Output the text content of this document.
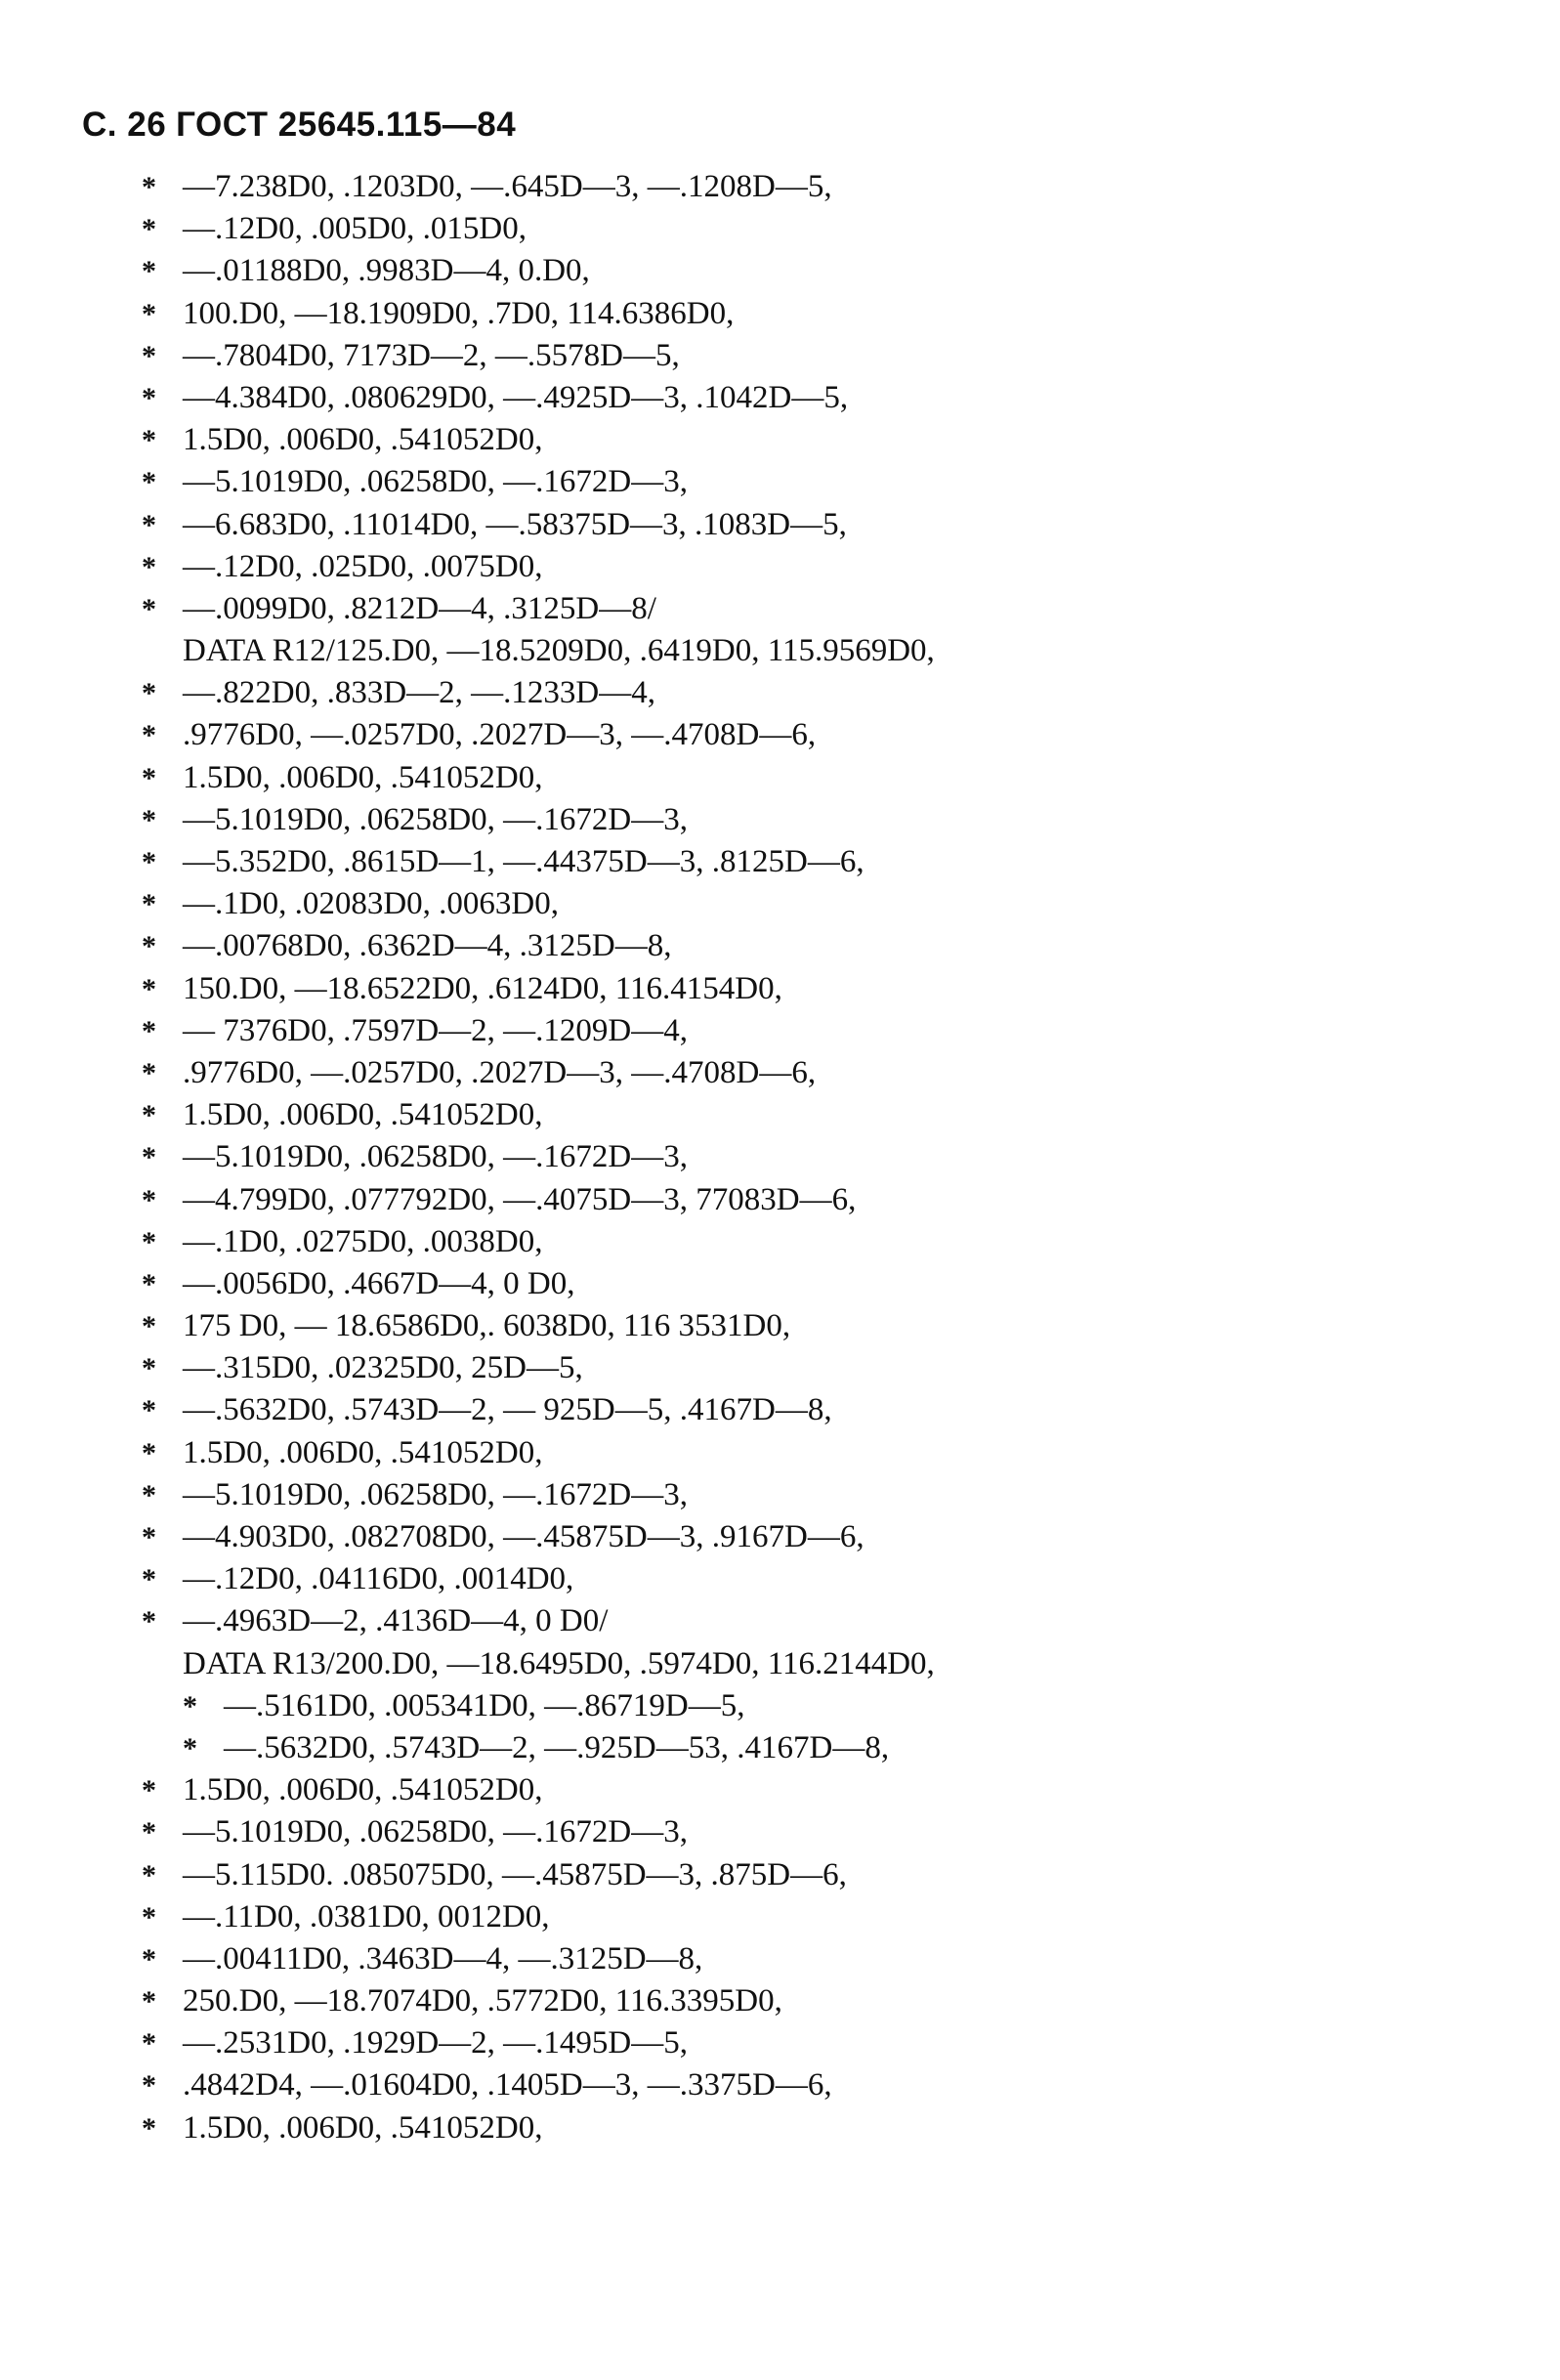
С. 26 ГОСТ 25645.115—84
* —7.238D0, .1203D0, —.645D—3, —.1208D—5,
* —.12D0, .005D0, .015D0,
* —.01188D0, .9983D—4, 0.D0,
* 100.D0, —18.1909D0, .7D0, 114.6386D0,
* —.7804D0, 7173D—2, —.5578D—5,
* —4.384D0, .080629D0, —.4925D—3, .1042D—5,
* 1.5D0, .006D0, .541052D0,
* —5.1019D0, .06258D0, —.1672D—3,
* —6.683D0, .11014D0, —.58375D—3, .1083D—5,
* —.12D0, .025D0, .0075D0,
* —.0099D0, .8212D—4, .3125D—8/
DATA R12/125.D0, —18.5209D0, .6419D0, 115.9569D0,
* —.822D0, .833D—2, —.1233D—4,
* .9776D0, —.0257D0, .2027D—3, —.4708D—6,
* 1.5D0, .006D0, .541052D0,
* —5.1019D0, .06258D0, —.1672D—3,
* —5.352D0, .8615D—1, —.44375D—3, .8125D—6,
* —.1D0, .02083D0, .0063D0,
* —.00768D0, .6362D—4, .3125D—8,
* 150.D0, —18.6522D0, .6124D0, 116.4154D0,
* — 7376D0, .7597D—2, —.1209D—4,
* .9776D0, —.0257D0, .2027D—3, —.4708D—6,
* 1.5D0, .006D0, .541052D0,
* —5.1019D0, .06258D0, —.1672D—3,
* —4.799D0, .077792D0, —.4075D—3, 77083D—6,
* —.1D0, .0275D0, .0038D0,
* —.0056D0, .4667D—4, 0 D0,
* 175 D0, — 18.6586D0,. 6038D0, 116 3531D0,
* —.315D0, .02325D0, 25D—5,
* —.5632D0, .5743D—2, — 925D—5, .4167D—8,
* 1.5D0, .006D0, .541052D0,
* —5.1019D0, .06258D0, —.1672D—3,
* —4.903D0, .082708D0, —.45875D—3, .9167D—6,
* —.12D0, .04116D0, .0014D0,
* —.4963D—2, .4136D—4, 0 D0/
DATA R13/200.D0, —18.6495D0, .5974D0, 116.2144D0,
* —.5161D0, .005341D0, —.86719D—5,
* —.5632D0, .5743D—2, —.925D—53, .4167D—8,
* 1.5D0, .006D0, .541052D0,
* —5.1019D0, .06258D0, —.1672D—3,
* —5.115D0. .085075D0, —.45875D—3, .875D—6,
* —.11D0, .0381D0, 0012D0,
* —.00411D0, .3463D—4, —.3125D—8,
* 250.D0, —18.7074D0, .5772D0, 116.3395D0,
* —.2531D0, .1929D—2, —.1495D—5,
* .4842D4, —.01604D0, .1405D—3, —.3375D—6,
* 1.5D0, .006D0, .541052D0,
